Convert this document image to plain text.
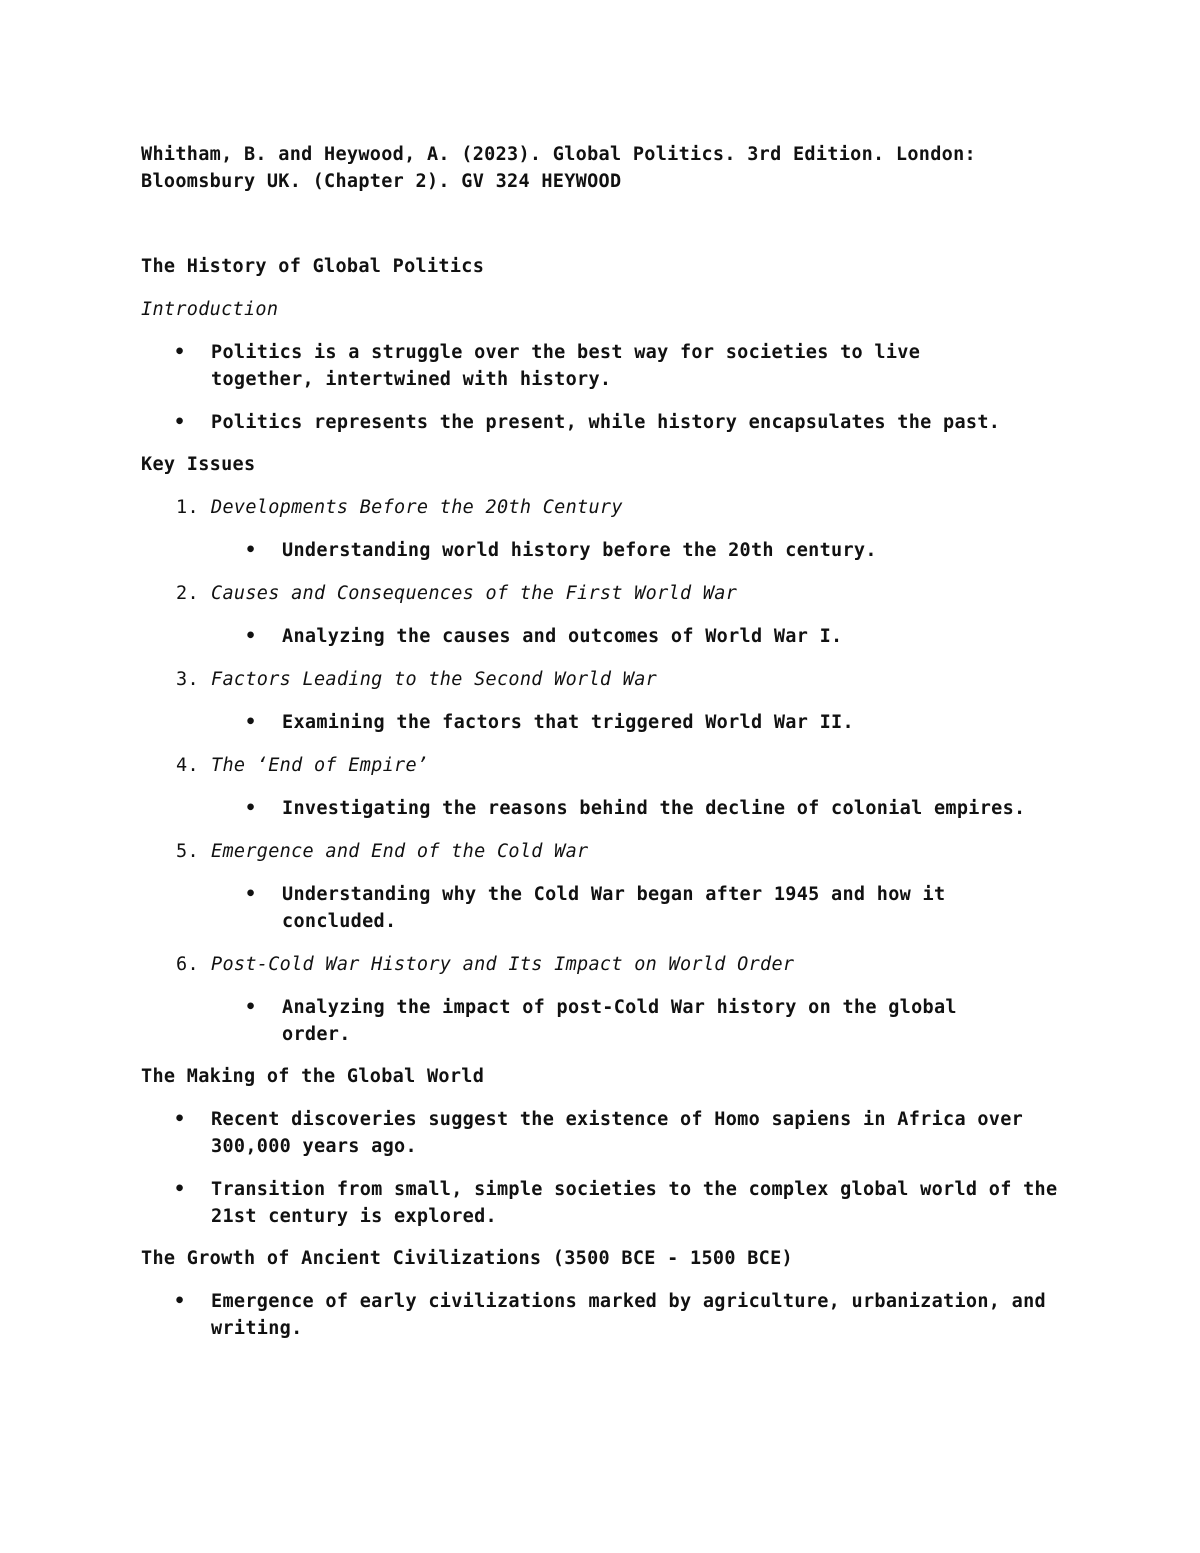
Whitham, B. and Heywood, A. (2023). Global Politics. 3rd Edition. London:

Bloomsbury UK. (Chapter 2). GV 324 HEYWOOD

The History of Global Politics

Introduction

• Politics is a struggle over the best way for societies to live together, intertwined with history.
• Politics represents the present, while history encapsulates the past.

Key Issues

1. Developments Before the 20th Century
• Understanding world history before the 20th century.
2. Causes and Consequences of the First World War
• Analyzing the causes and outcomes of World War I.
3. Factors Leading to the Second World War
• Examining the factors that triggered World War II.
4. The ‘End of Empire’
• Investigating the reasons behind the decline of colonial empires.
5. Emergence and End of the Cold War
• Understanding why the Cold War began after 1945 and how it concluded.
6. Post-Cold War History and Its Impact on World Order
• Analyzing the impact of post-Cold War history on the global order.

The Making of the Global World

• Recent discoveries suggest the existence of Homo sapiens in Africa over 300,000 years ago.
• Transition from small, simple societies to the complex global world of the 21st century is explored.

The Growth of Ancient Civilizations (3500 BCE - 1500 BCE)

• Emergence of early civilizations marked by agriculture, urbanization, and writing.
